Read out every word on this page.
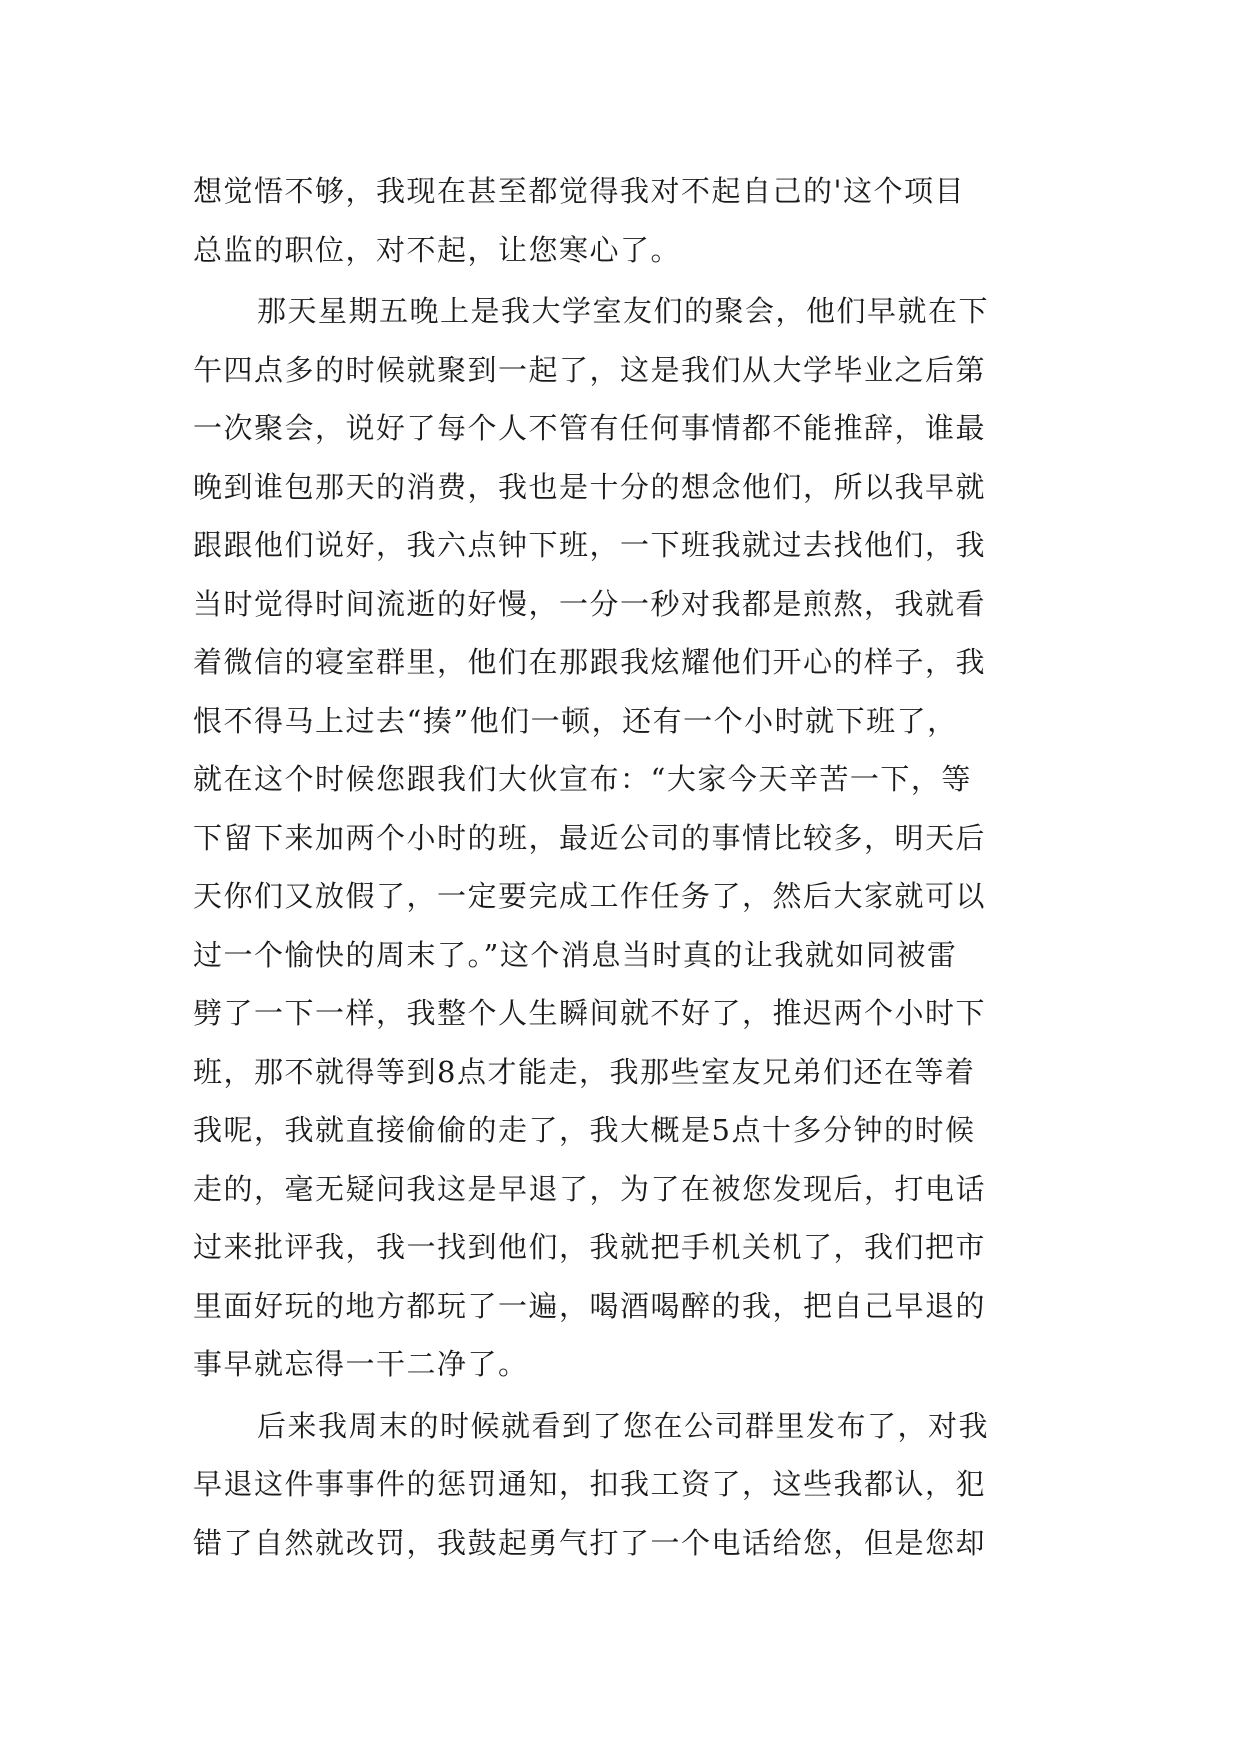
想觉悟不够，我现在甚至都觉得我对不起自己的'这个项目
总监的职位，对不起，让您寒心了。
那天星期五晚上是我大学室友们的聚会，他们早就在下
午四点多的时候就聚到一起了，这是我们从大学毕业之后第
一次聚会，说好了每个人不管有任何事情都不能推辞，谁最
晚到谁包那天的消费，我也是十分的想念他们，所以我早就
跟跟他们说好，我六点钟下班，一下班我就过去找他们，我
当时觉得时间流逝的好慢，一分一秒对我都是煎熬，我就看
着微信的寝室群里，他们在那跟我炫耀他们开心的样子，我
恨不得马上过去“揍”他们一顿，还有一个小时就下班了，
就在这个时候您跟我们大伙宣布：“大家今天辛苦一下，等
下留下来加两个小时的班，最近公司的事情比较多，明天后
天你们又放假了，一定要完成工作任务了，然后大家就可以
过一个愉快的周末了。”这个消息当时真的让我就如同被雷
劈了一下一样，我整个人生瞬间就不好了，推迟两个小时下
班，那不就得等到8点才能走，我那些室友兄弟们还在等着
我呢，我就直接偷偷的走了，我大概是5点十多分钟的时候
走的，毫无疑问我这是早退了，为了在被您发现后，打电话
过来批评我，我一找到他们，我就把手机关机了，我们把市
里面好玩的地方都玩了一遍，喝酒喝醉的我，把自己早退的
事早就忘得一干二净了。
后来我周末的时候就看到了您在公司群里发布了，对我
早退这件事事件的惩罚通知，扣我工资了，这些我都认，犯
错了自然就改罚，我鼓起勇气打了一个电话给您，但是您却
